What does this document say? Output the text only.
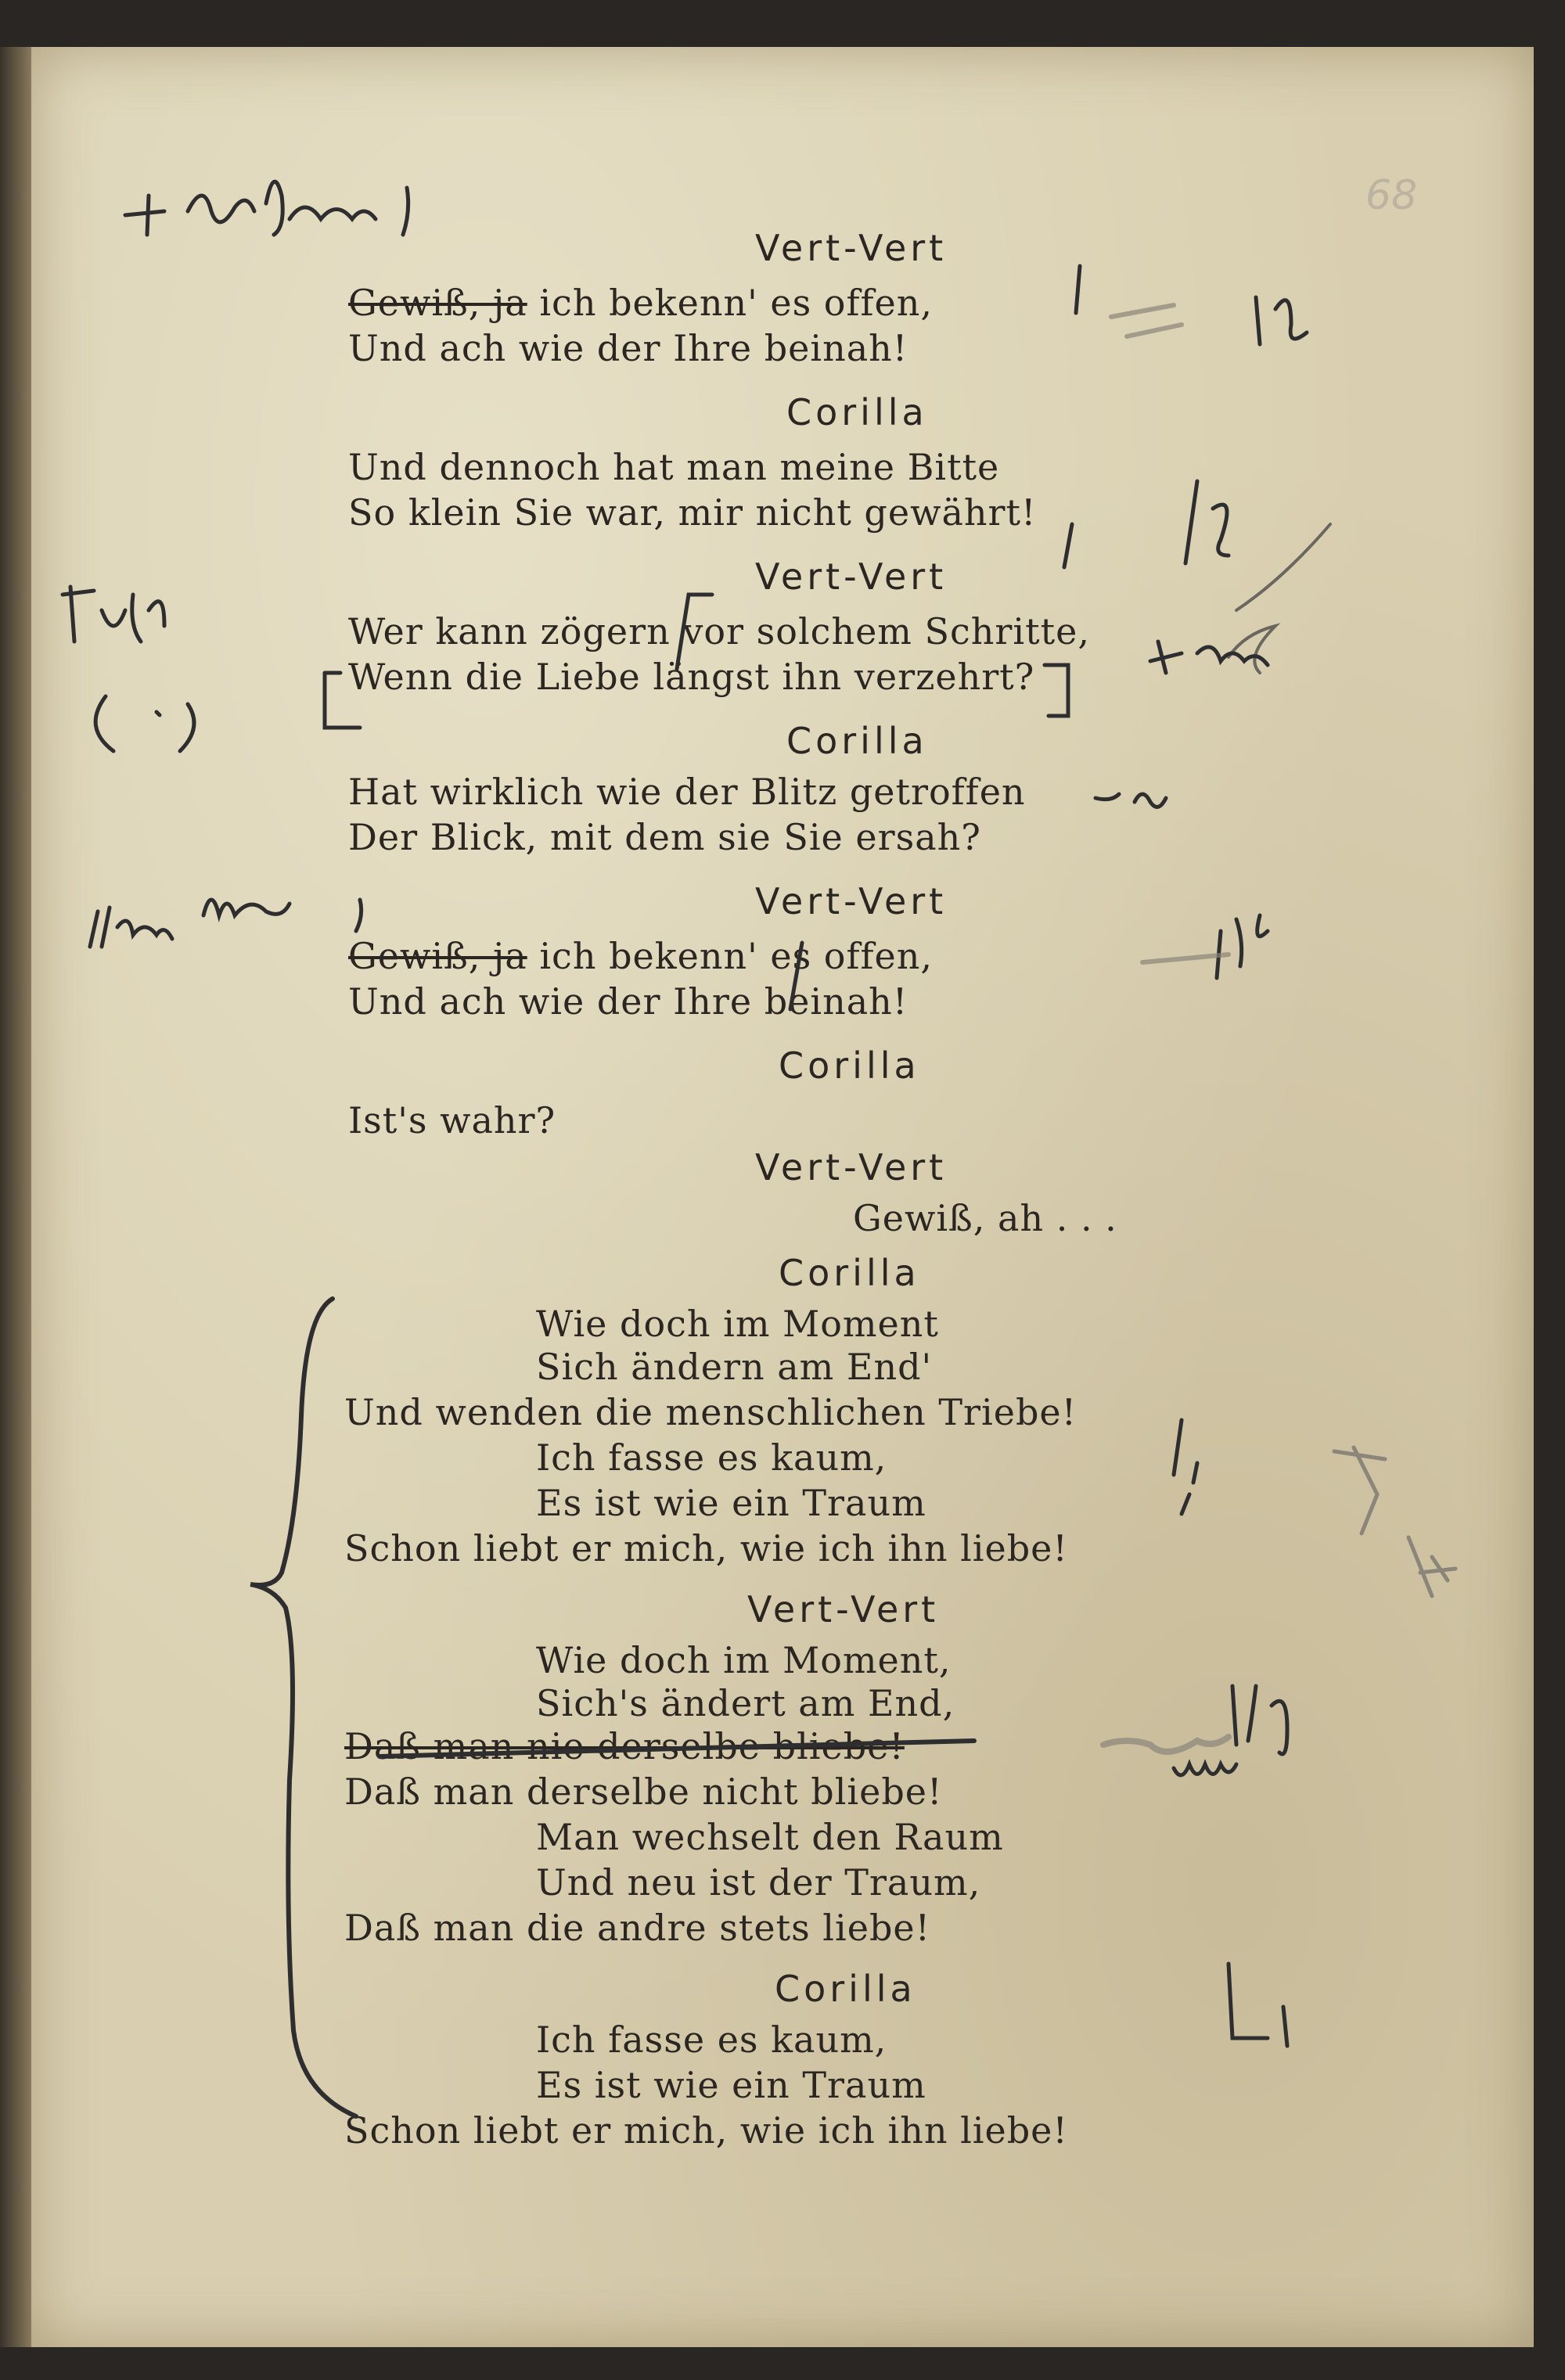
68
Vert-Vert
Gewiß, ja ich bekenn' es offen,
Und ach wie der Ihre beinah!
Corilla
Und dennoch hat man meine Bitte
So klein Sie war, mir nicht gewährt!
Vert-Vert
Wer kann zögern vor solchem Schritte,
Wenn die Liebe längst ihn verzehrt?
Corilla
Hat wirklich wie der Blitz getroffen
Der Blick, mit dem sie Sie ersah?
Vert-Vert
Gewiß, ja ich bekenn' es offen,
Und ach wie der Ihre beinah!
Corilla
Ist's wahr?
Vert-Vert
Gewiß, ah . . .
Corilla
Wie doch im Moment
Sich ändern am End'
Und wenden die menschlichen Triebe!
Ich fasse es kaum,
Es ist wie ein Traum
Schon liebt er mich, wie ich ihn liebe!
Vert-Vert
Wie doch im Moment,
Sich's ändert am End,
Daß man nie derselbe bliebe!
Daß man derselbe nicht bliebe!
Man wechselt den Raum
Und neu ist der Traum,
Daß man die andre stets liebe!
Corilla
Ich fasse es kaum,
Es ist wie ein Traum
Schon liebt er mich, wie ich ihn liebe!
